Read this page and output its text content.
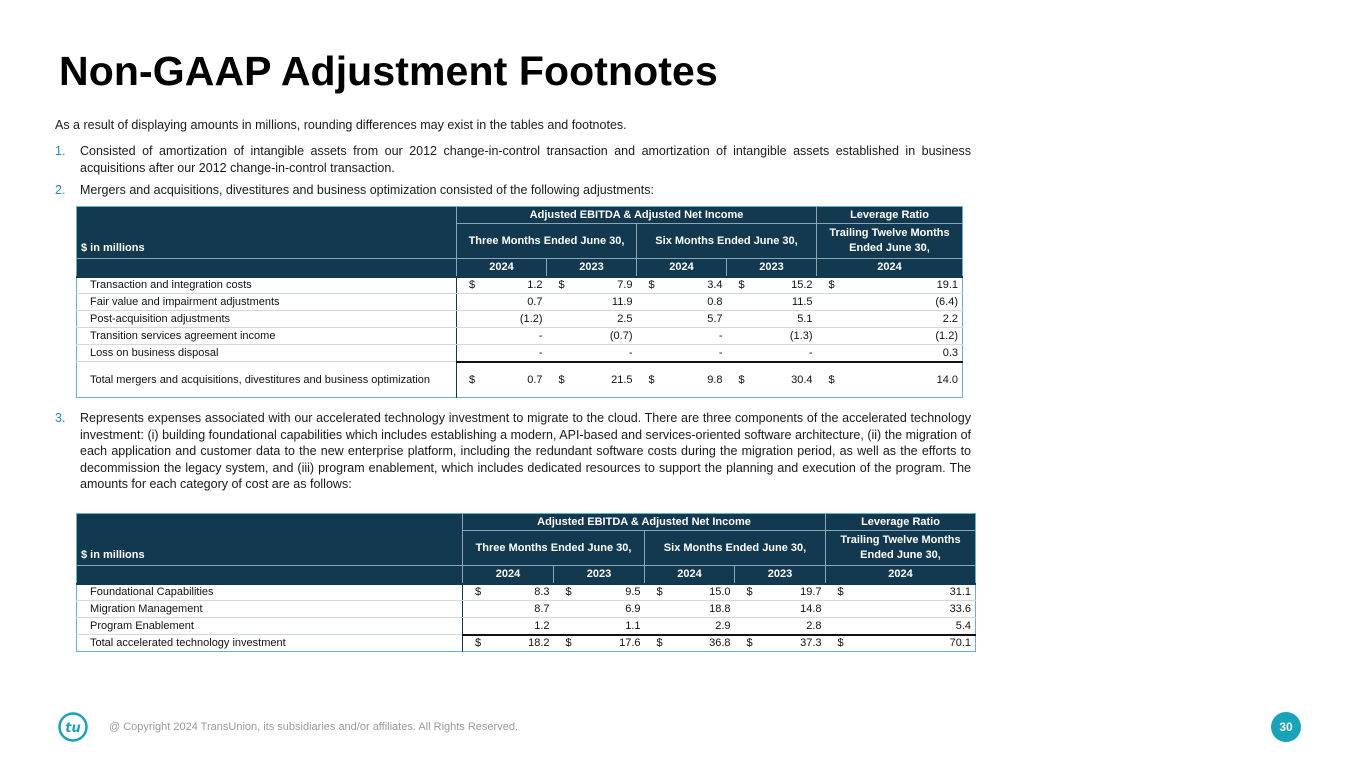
Non-GAAP Adjustment Footnotes
As a result of displaying amounts in millions, rounding differences may exist in the tables and footnotes.
1. Consisted of amortization of intangible assets from our 2012 change-in-control transaction and amortization of intangible assets established in business acquisitions after our 2012 change-in-control transaction.
2. Mergers and acquisitions, divestitures and business optimization consisted of the following adjustments:
$ in millions	Adjusted EBITDA & Adjusted Net Income				Leverage Ratio
	Three Months Ended June 30,		Six Months Ended June 30,		Trailing Twelve Months Ended June 30,
	2024	2023	2024	2023	2024
Transaction and integration costs	$ 1.2	$ 7.9	$ 3.4	$ 15.2	$ 19.1

Fair value and impairment adjustments	0.7	11.9	0.8	11.5	(6.4)

Post-acquisition adjustments	(1.2)	2.5	5.7	5.1	2.2

Transition services agreement income	-	(0.7)	-	(1.3)	(1.2)

Loss on business disposal	-	-	-	-	0.3

Total mergers and acquisitions, divestitures and business optimization	$ 0.7	$ 21.5	$ 9.8	$ 30.4	$ 14.0
3. Represents expenses associated with our accelerated technology investment to migrate to the cloud. There are three components of the accelerated technology investment: (i) building foundational capabilities which includes establishing a modern, API-based and services-oriented software architecture, (ii) the migration of each application and customer data to the new enterprise platform, including the redundant software costs during the migration period, as well as the efforts to decommission the legacy system, and (iii) program enablement, which includes dedicated resources to support the planning and execution of the program. The amounts for each category of cost are as follows:
$ in millions	Adjusted EBITDA & Adjusted Net Income				Leverage Ratio
	Three Months Ended June 30,		Six Months Ended June 30,		Trailing Twelve Months Ended June 30,
	2024	2023	2024	2023	2024
Foundational Capabilities	$ 8.3	$ 9.5	$ 15.0	$ 19.7	$ 31.1

Migration Management	8.7	6.9	18.8	14.8	33.6

Program Enablement	1.2	1.1	2.9	2.8	5.4

Total accelerated technology investment	$ 18.2	$ 17.6	$ 36.8	$ 37.3	$ 70.1
tu	@ Copyright 2024 TransUnion, its subsidiaries and/or affiliates. All Rights Reserved.	30
